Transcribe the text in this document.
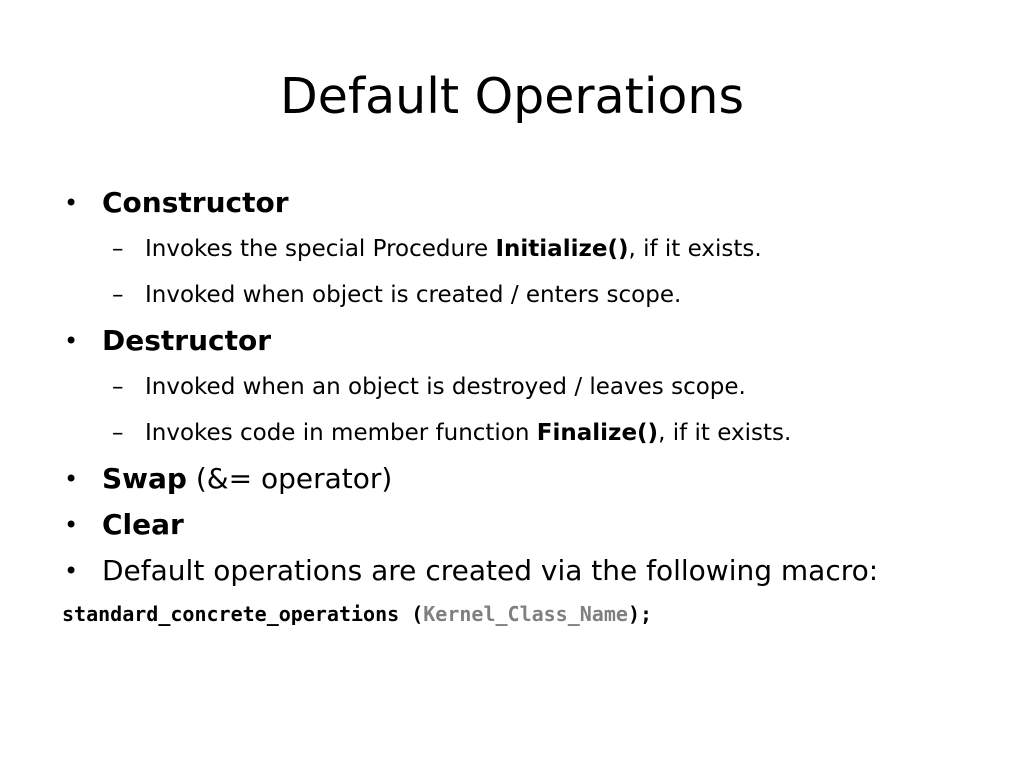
Default Operations
• Constructor
– Invokes the special Procedure Initialize(), if it exists.
– Invoked when object is created / enters scope.
• Destructor
– Invoked when an object is destroyed / leaves scope.
– Invokes code in member function Finalize(), if it exists.
• Swap (&= operator)
• Clear
• Default operations are created via the following macro:
standard_concrete_operations (Kernel_Class_Name);
